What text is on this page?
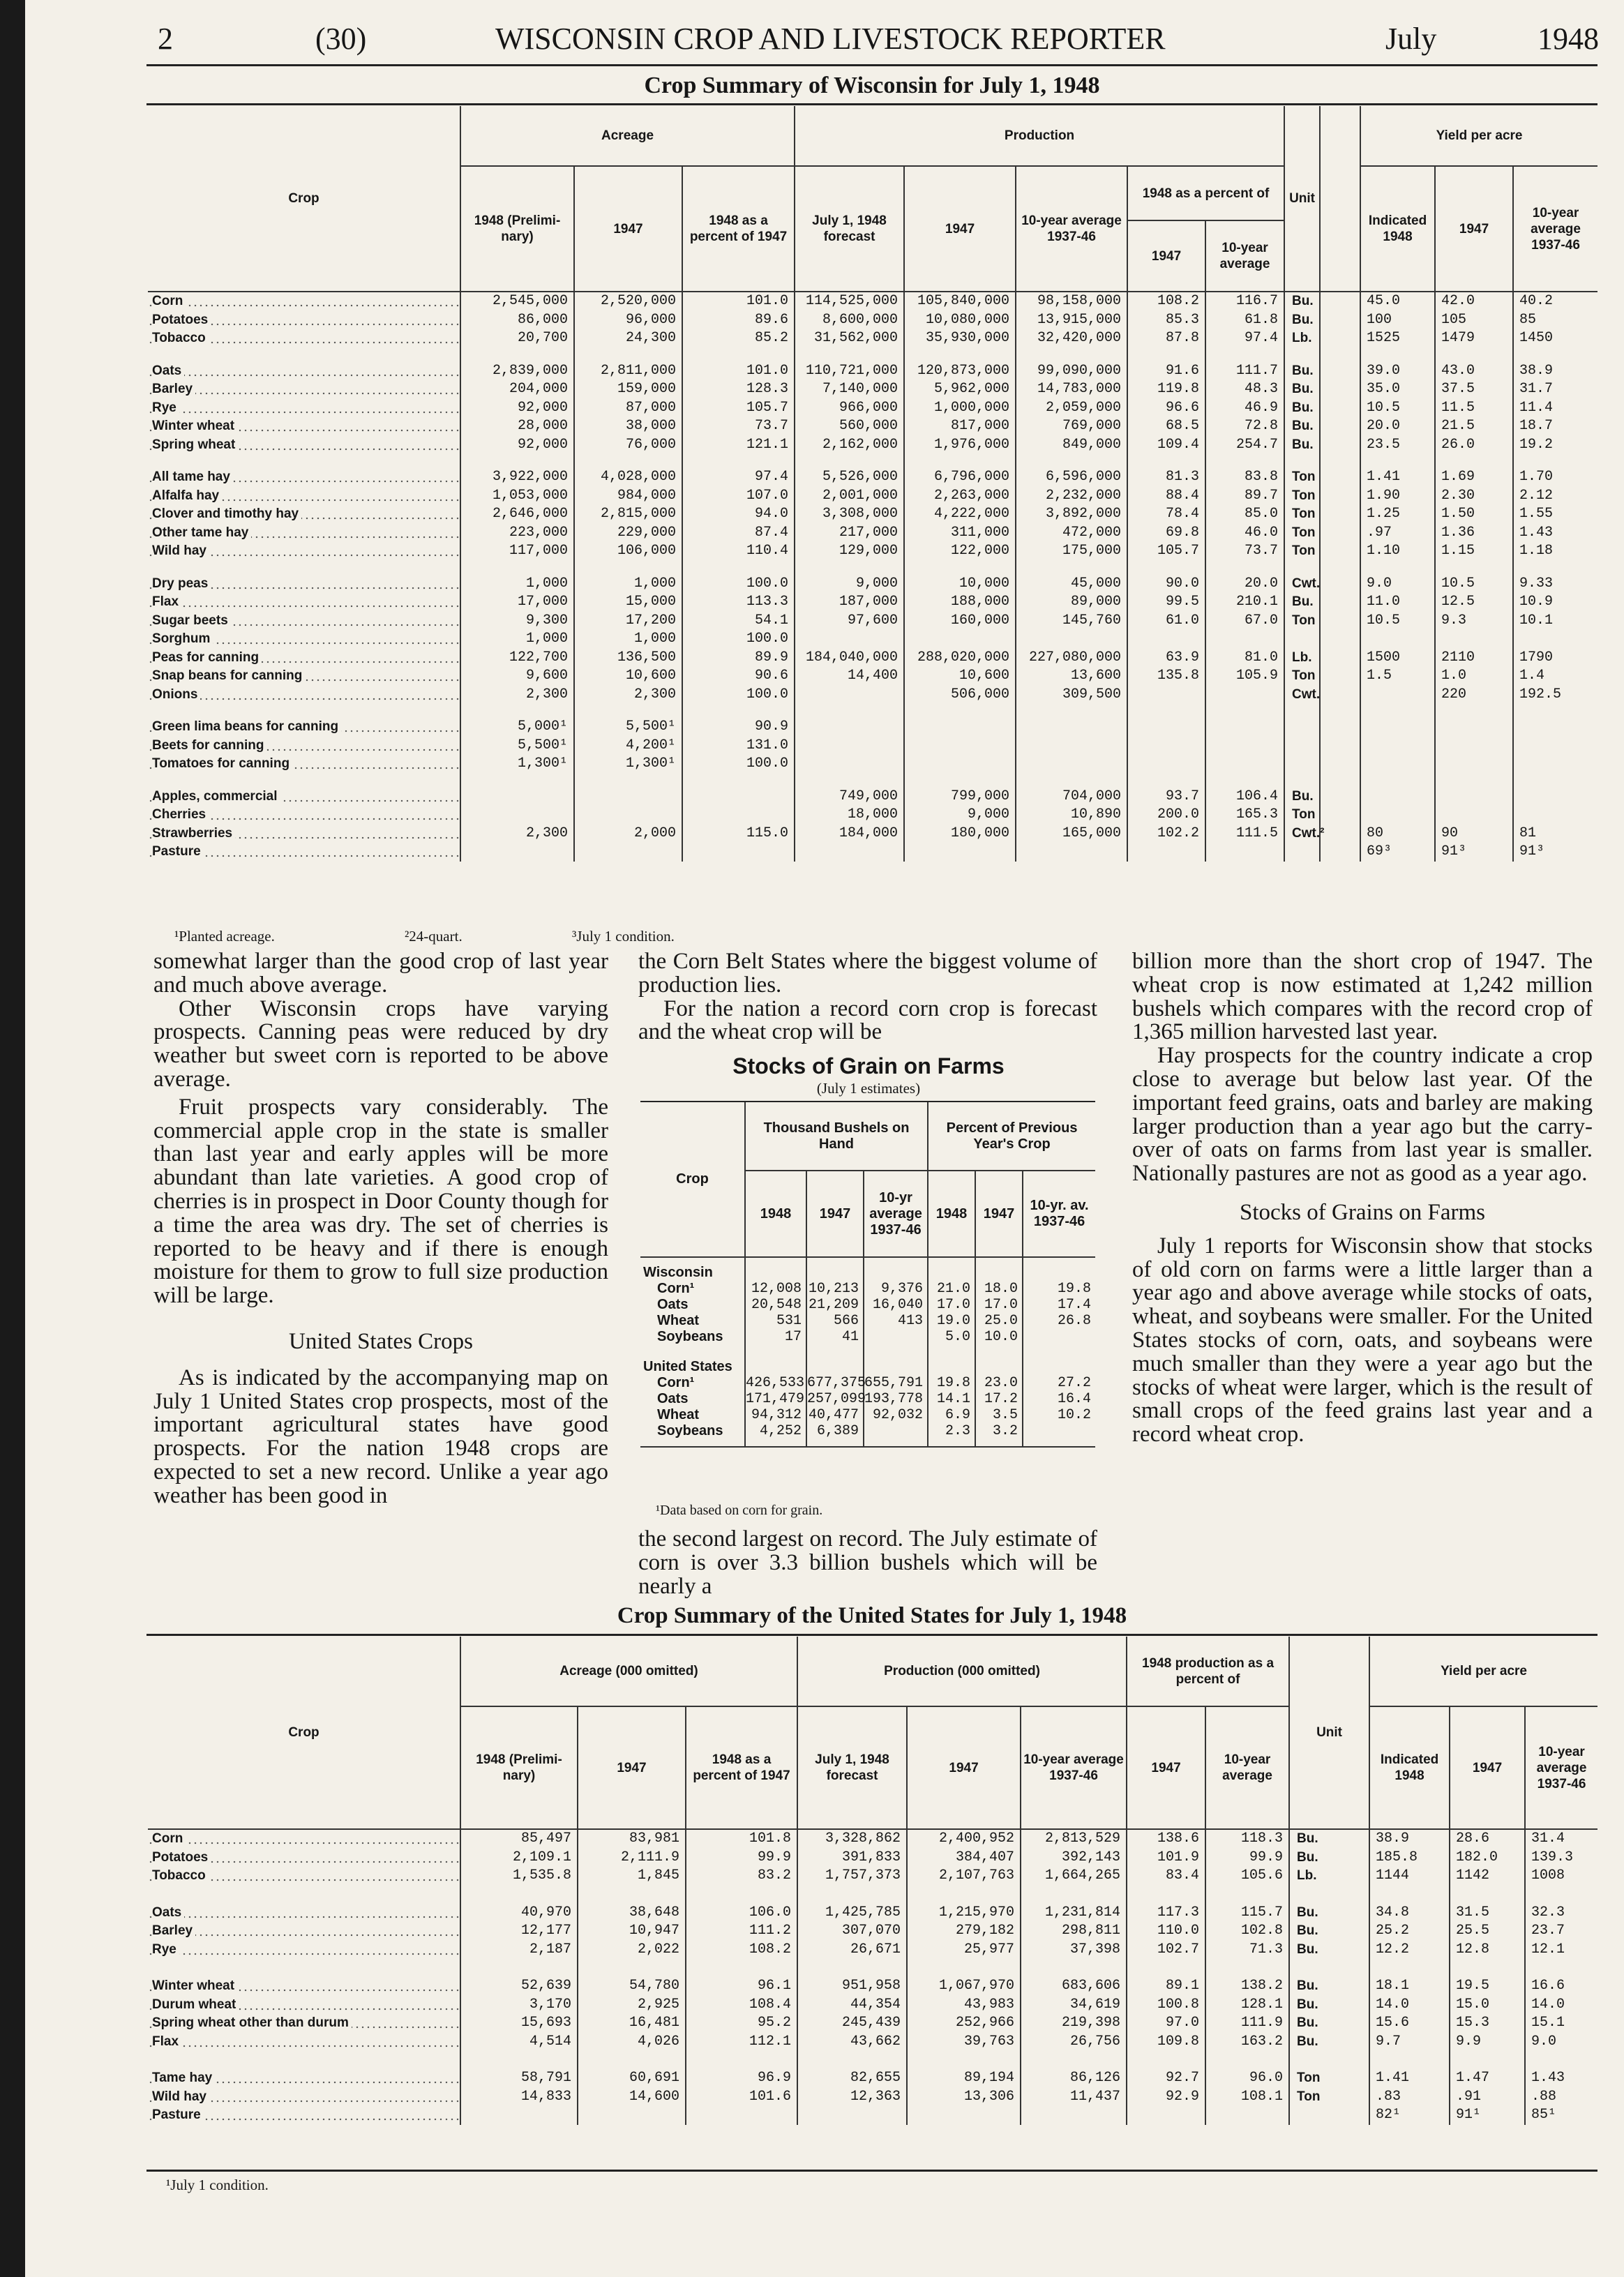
2	(30)	WISCONSIN CROP AND LIVESTOCK REPORTER	July	1948
Crop Summary of Wisconsin for July 1, 1948
Crop	Acreage			Production					Unit		Yield per acre		
	1948 (Prelimi-nary)	1947	1948 as a percent of 1947	July 1, 1948 forecast	1947	10-year average 1937-46	1948 as a percent of				Indicated 1948	1947	10-year average 1937-46
							1947	10-year average					
Corn	2,545,000	2,520,000	101.0	114,525,000	105,840,000	98,158,000	108.2	116.7	Bu.		45.0	42.0	40.2
Potatoes	86,000	96,000	89.6	8,600,000	10,080,000	13,915,000	85.3	61.8	Bu.		100	105	85
Tobacco	20,700	24,300	85.2	31,562,000	35,930,000	32,420,000	87.8	97.4	Lb.		1525	1479	1450

Oats	2,839,000	2,811,000	101.0	110,721,000	120,873,000	99,090,000	91.6	111.7	Bu.		39.0	43.0	38.9
Barley	204,000	159,000	128.3	7,140,000	5,962,000	14,783,000	119.8	48.3	Bu.		35.0	37.5	31.7
Rye	92,000	87,000	105.7	966,000	1,000,000	2,059,000	96.6	46.9	Bu.		10.5	11.5	11.4
Winter wheat	28,000	38,000	73.7	560,000	817,000	769,000	68.5	72.8	Bu.		20.0	21.5	18.7
Spring wheat	92,000	76,000	121.1	2,162,000	1,976,000	849,000	109.4	254.7	Bu.		23.5	26.0	19.2

All tame hay	3,922,000	4,028,000	97.4	5,526,000	6,796,000	6,596,000	81.3	83.8	Ton		1.41	1.69	1.70
Alfalfa hay	1,053,000	984,000	107.0	2,001,000	2,263,000	2,232,000	88.4	89.7	Ton		1.90	2.30	2.12
Clover and timothy hay	2,646,000	2,815,000	94.0	3,308,000	4,222,000	3,892,000	78.4	85.0	Ton		1.25	1.50	1.55
Other tame hay	223,000	229,000	87.4	217,000	311,000	472,000	69.8	46.0	Ton		.97	1.36	1.43
Wild hay	117,000	106,000	110.4	129,000	122,000	175,000	105.7	73.7	Ton		1.10	1.15	1.18

Dry peas	1,000	1,000	100.0	9,000	10,000	45,000	90.0	20.0	Cwt.		9.0	10.5	9.33
Flax	17,000	15,000	113.3	187,000	188,000	89,000	99.5	210.1	Bu.		11.0	12.5	10.9
Sugar beets	9,300	17,200	54.1	97,600	160,000	145,760	61.0	67.0	Ton		10.5	9.3	10.1
Sorghum	1,000	1,000	100.0										
Peas for canning	122,700	136,500	89.9	184,040,000	288,020,000	227,080,000	63.9	81.0	Lb.		1500	2110	1790
Snap beans for canning	9,600	10,600	90.6	14,400	10,600	13,600	135.8	105.9	Ton		1.5	1.0	1.4
Onions	2,300	2,300	100.0		506,000	309,500			Cwt.			220	192.5

Green lima beans for canning	5,000¹	5,500¹	90.9										
Beets for canning	5,500¹	4,200¹	131.0										
Tomatoes for canning	1,300¹	1,300¹	100.0										

Apples, commercial				749,000	799,000	704,000	93.7	106.4	Bu.				
Cherries				18,000	9,000	10,890	200.0	165.3	Ton				
Strawberries	2,300	2,000	115.0	184,000	180,000	165,000	102.2	111.5	Cwt.²		80	90	81
Pasture											69³	91³	91³
¹Planted acreage.	²24-quart.	³July 1 condition.

somewhat larger than the good crop of last year and much above average.

Other Wisconsin crops have varying prospects. Canning peas were reduced by dry weather but sweet corn is reported to be above average.

Fruit prospects vary considerably. The commercial apple crop in the state is smaller than last year and early apples will be more abundant than late varieties. A good crop of cherries is in prospect in Door County though for a time the area was dry. The set of cherries is reported to be heavy and if there is enough moisture for them to grow to full size production will be large.

United States Crops

As is indicated by the accompanying map on July 1 United States crop prospects, most of the important agricultural states have good prospects. For the nation 1948 crops are expected to set a new record. Unlike a year ago weather has been good in

the Corn Belt States where the biggest volume of production lies.

For the nation a record corn crop is forecast and the wheat crop will be

Stocks of Grain on Farms
(July 1 estimates)
Crop	Thousand Bushels on Hand			Percent of Previous Year's Crop		
	1948	1947	10-yr average 1937-46	1948	1947	10-yr. av. 1937-46
Wisconsin						
Corn¹	12,008	10,213	9,376	21.0	18.0	19.8
Oats	20,548	21,209	16,040	17.0	17.0	17.4
Wheat	531	566	413	19.0	25.0	26.8
Soybeans	17	41		5.0	10.0	
United States						
Corn¹	426,533	677,375	655,791	19.8	23.0	27.2
Oats	171,479	257,099	193,778	14.1	17.2	16.4
Wheat	94,312	40,477	92,032	6.9	3.5	10.2
Soybeans	4,252	6,389		2.3	3.2	

¹Data based on corn for grain.

the second largest on record. The July estimate of corn is over 3.3 billion bushels which will be nearly a

billion more than the short crop of 1947. The wheat crop is now estimated at 1,242 million bushels which compares with the record crop of 1,365 million harvested last year.

Hay prospects for the country indicate a crop close to average but below last year. Of the important feed grains, oats and barley are making larger production than a year ago but the carry-over of oats on farms from last year is smaller. Nationally pastures are not as good as a year ago.

Stocks of Grains on Farms

July 1 reports for Wisconsin show that stocks of old corn on farms were a little larger than a year ago and above average while stocks of oats, wheat, and soybeans were smaller. For the United States stocks of corn, oats, and soybeans were much smaller than they were a year ago but the stocks of wheat were larger, which is the result of small crops of the feed grains last year and a record wheat crop.

Crop Summary of the United States for July 1, 1948
Crop	Acreage (000 omitted)			Production (000 omitted)			1948 production as a percent of		Unit	Yield per acre		
	1948 (Prelimi-nary)	1947	1948 as a percent of 1947	July 1, 1948 forecast	1947	10-year average 1937-46	1947	10-year average		Indicated 1948	1947	10-year average 1937-46
Corn	85,497	83,981	101.8	3,328,862	2,400,952	2,813,529	138.6	118.3	Bu.	38.9	28.6	31.4
Potatoes	2,109.1	2,111.9	99.9	391,833	384,407	392,143	101.9	99.9	Bu.	185.8	182.0	139.3
Tobacco	1,535.8	1,845	83.2	1,757,373	2,107,763	1,664,265	83.4	105.6	Lb.	1144	1142	1008

Oats	40,970	38,648	106.0	1,425,785	1,215,970	1,231,814	117.3	115.7	Bu.	34.8	31.5	32.3
Barley	12,177	10,947	111.2	307,070	279,182	298,811	110.0	102.8	Bu.	25.2	25.5	23.7
Rye	2,187	2,022	108.2	26,671	25,977	37,398	102.7	71.3	Bu.	12.2	12.8	12.1

Winter wheat	52,639	54,780	96.1	951,958	1,067,970	683,606	89.1	138.2	Bu.	18.1	19.5	16.6
Durum wheat	3,170	2,925	108.4	44,354	43,983	34,619	100.8	128.1	Bu.	14.0	15.0	14.0
Spring wheat other than durum	15,693	16,481	95.2	245,439	252,966	219,398	97.0	111.9	Bu.	15.6	15.3	15.1
Flax	4,514	4,026	112.1	43,662	39,763	26,756	109.8	163.2	Bu.	9.7	9.9	9.0

Tame hay	58,791	60,691	96.9	82,655	89,194	86,126	92.7	96.0	Ton	1.41	1.47	1.43
Wild hay	14,833	14,600	101.6	12,363	13,306	11,437	92.9	108.1	Ton	.83	.91	.88
Pasture										82¹	91¹	85¹
¹July 1 condition.
